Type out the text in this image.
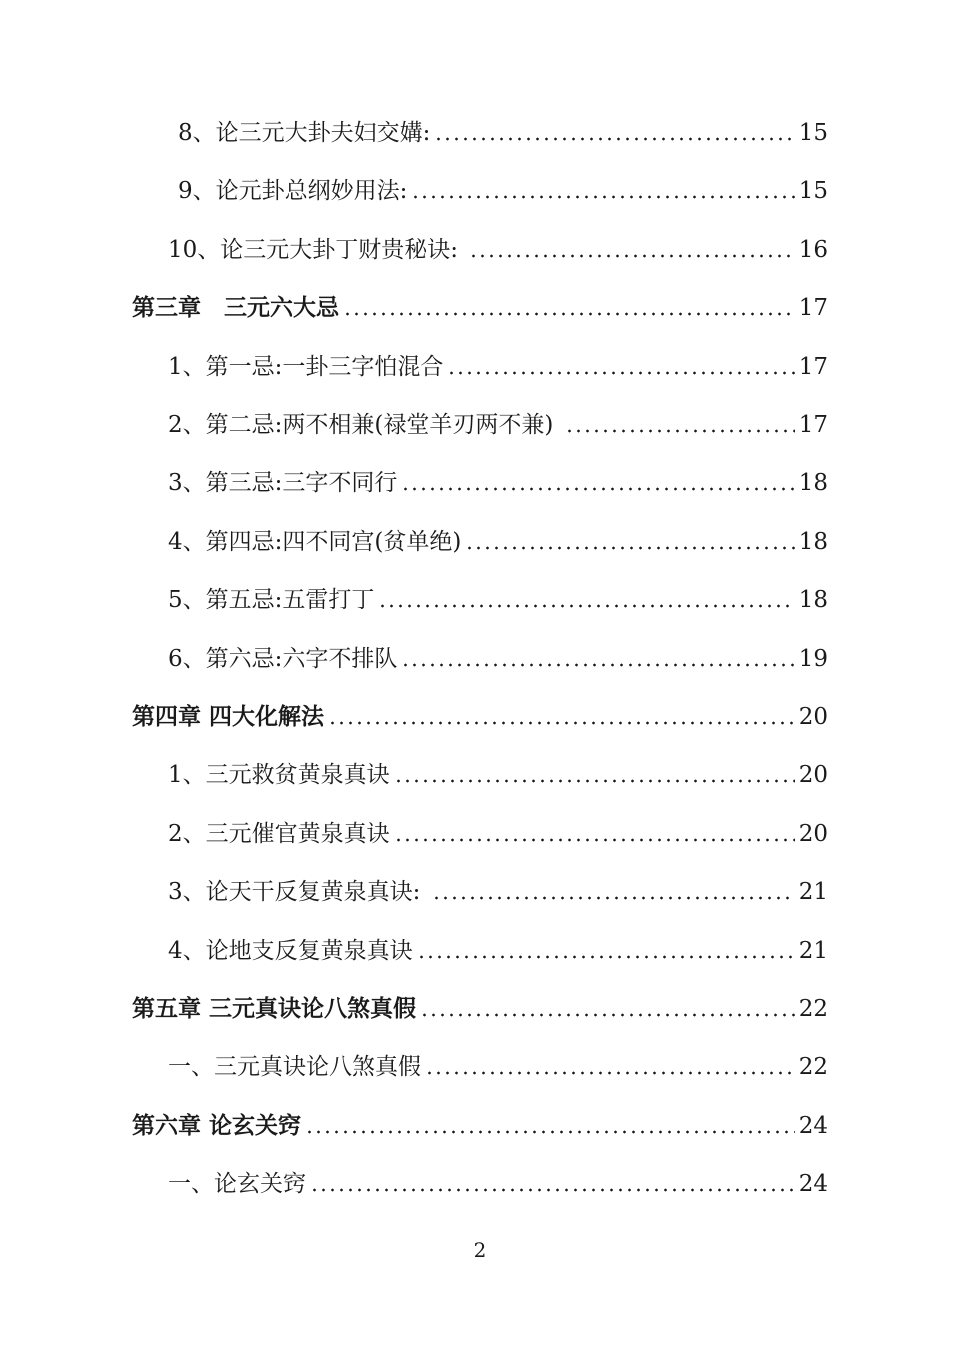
8、论三元大卦夫妇交媾:	15
9、论元卦总纲妙用法:	15
10、论三元大卦丁财贵秘诀:	16
第三章　三元六大忌	17
1、第一忌:一卦三字怕混合	17
2、第二忌:两不相兼(禄堂羊刃两不兼)	17
3、第三忌:三字不同行	18
4、第四忌:四不同宫(贫单绝)	18
5、第五忌:五雷打丁	18
6、第六忌:六字不排队	19
第四章 四大化解法	20
1、三元救贫黄泉真诀	20
2、三元催官黄泉真诀	20
3、论天干反复黄泉真诀:	21
4、论地支反复黄泉真诀	21
第五章 三元真诀论八煞真假	22
一、三元真诀论八煞真假	22
第六章 论玄关窍	24
一、论玄关窍	24
2
